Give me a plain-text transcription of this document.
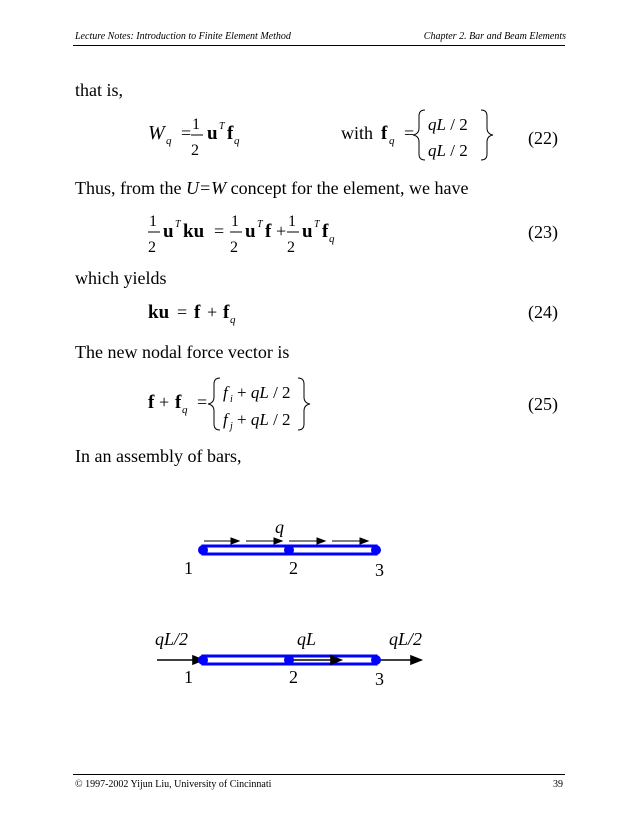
Lecture Notes: Introduction to Finite Element Method	Chapter 2. Bar and Beam Elements
that is,
W q = 1
2
u T f q	with f q = qL / 2
qL / 2
(22)
Thus, from the U=W concept for the element, we have
1
2
u T ku = 1
2
u T f + 1
2
u T f q	(23)
which yields
ku = f + f q	(24)
The new nodal force vector is
f + f q = f i + qL / 2
f j + qL / 2
(25)
In an assembly of bars,
q
1	2	3
qL/2	qL	qL/2
1	2	3
© 1997-2002 Yijun Liu, University of Cincinnati	39
